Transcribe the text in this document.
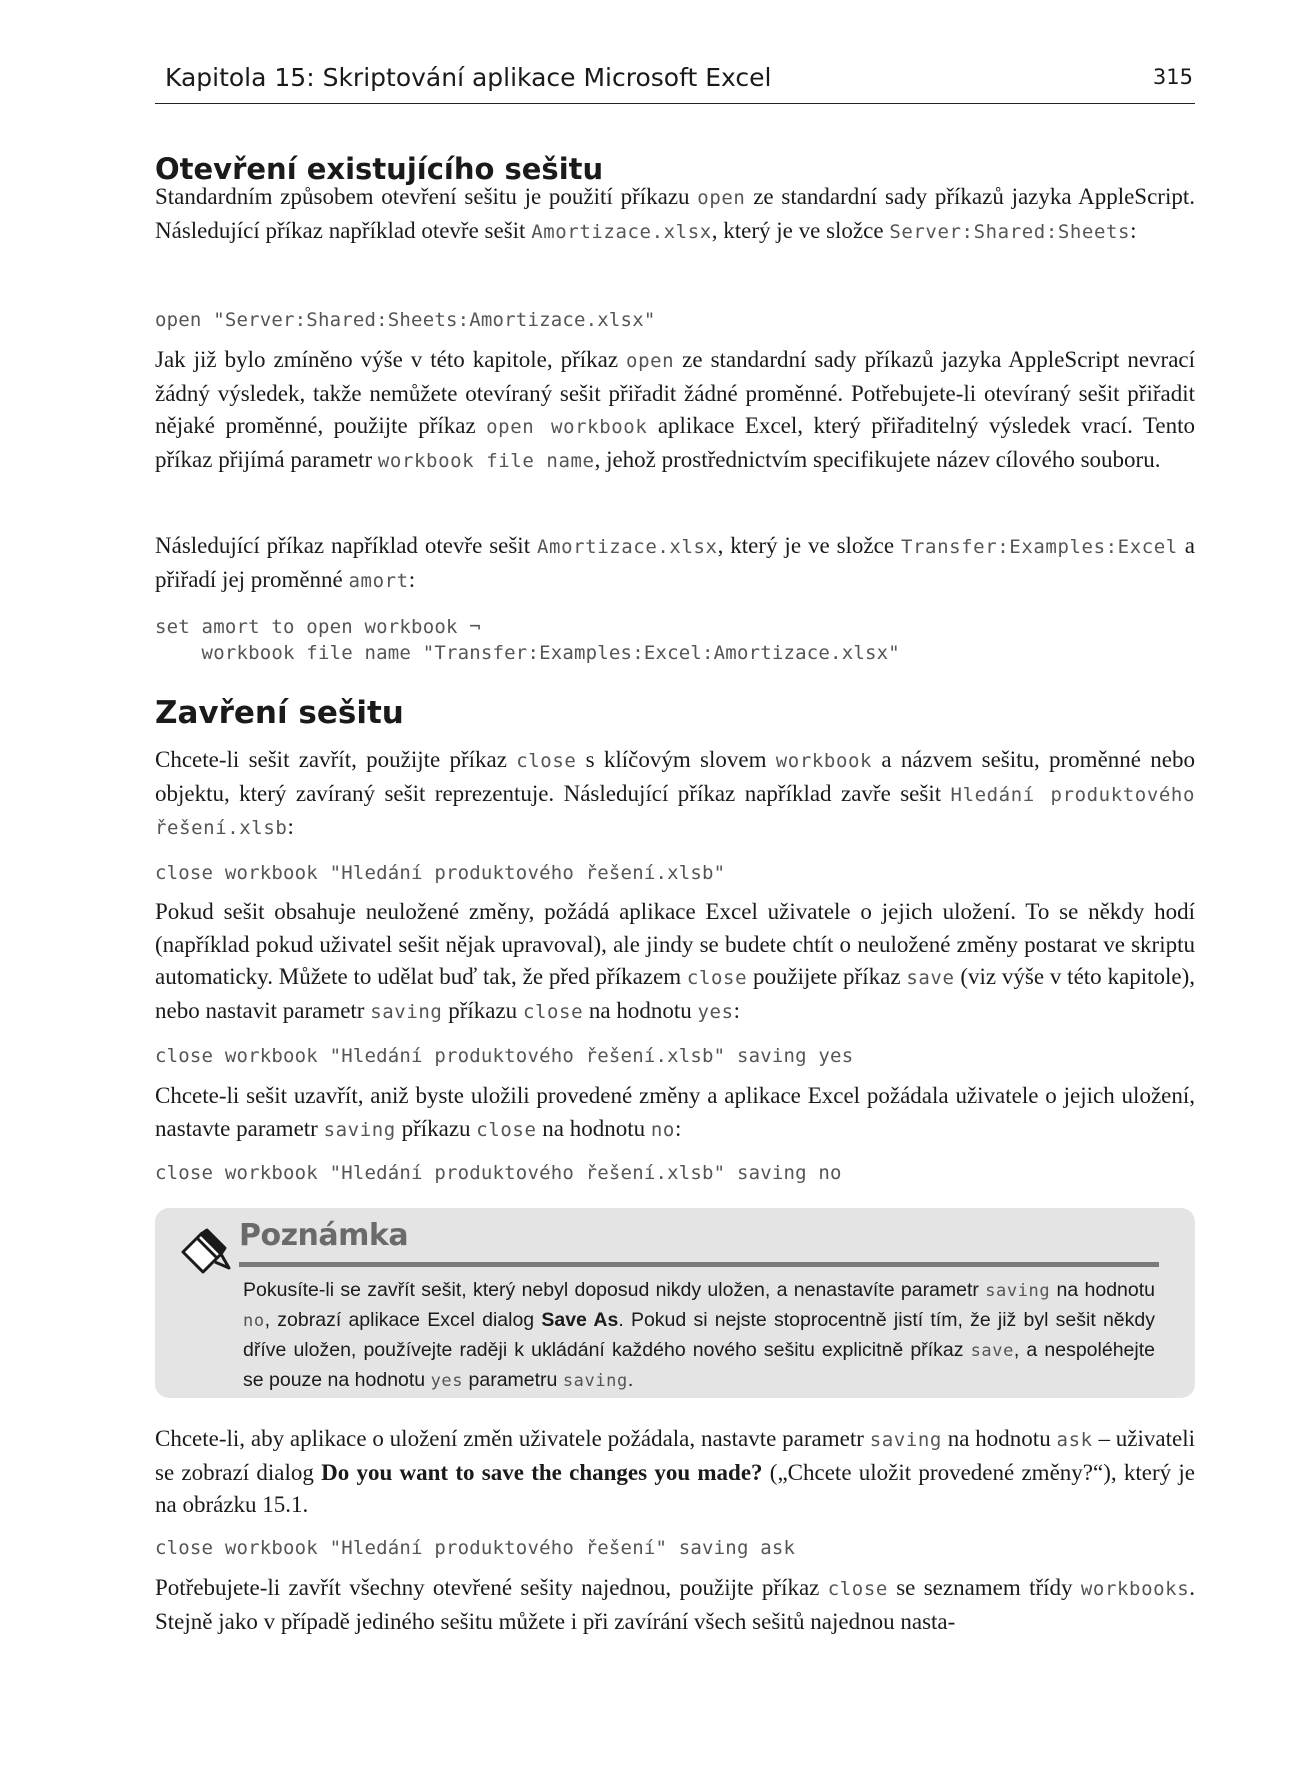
Kapitola 15: Skriptování aplikace Microsoft Excel	315
Otevření existujícího sešitu

Standardním způsobem otevření sešitu je použití příkazu open ze standardní sady příkazů jazyka AppleScript. Následující příkaz například otevře sešit Amortizace.xlsx, který je ve složce Server:Shared:Sheets:

open "Server:Shared:Sheets:Amortizace.xlsx"

Jak již bylo zmíněno výše v této kapitole, příkaz open ze standardní sady příkazů jazyka AppleScript nevrací žádný výsledek, takže nemůžete otevíraný sešit přiřadit žádné proměnné. Potřebujete-li otevíraný sešit přiřadit nějaké proměnné, použijte příkaz open workbook aplikace Excel, který přiřaditelný výsledek vrací. Tento příkaz přijímá parametr workbook file name, jehož prostřednictvím specifikujete název cílového souboru.

Následující příkaz například otevře sešit Amortizace.xlsx, který je ve složce Transfer:Examples:Excel a přiřadí jej proměnné amort:

set amort to open workbook ¬
workbook file name "Transfer:Examples:Excel:Amortizace.xlsx"
Zavření sešitu

Chcete-li sešit zavřít, použijte příkaz close s klíčovým slovem workbook a názvem sešitu, proměnné nebo objektu, který zavíraný sešit reprezentuje. Následující příkaz například zavře sešit Hledání produktového řešení.xlsb:

close workbook "Hledání produktového řešení.xlsb"

Pokud sešit obsahuje neuložené změny, požádá aplikace Excel uživatele o jejich uložení. To se někdy hodí (například pokud uživatel sešit nějak upravoval), ale jindy se budete chtít o neuložené změny postarat ve skriptu automaticky. Můžete to udělat buď tak, že před příkazem close použijete příkaz save (viz výše v této kapitole), nebo nastavit parametr saving příkazu close na hodnotu yes:

close workbook "Hledání produktového řešení.xlsb" saving yes

Chcete-li sešit uzavřít, aniž byste uložili provedené změny a aplikace Excel požádala uživatele o jejich uložení, nastavte parametr saving příkazu close na hodnotu no:

close workbook "Hledání produktového řešení.xlsb" saving no
Poznámka

Pokusíte-li se zavřít sešit, který nebyl doposud nikdy uložen, a nenastavíte parametr saving na hodnotu no, zobrazí aplikace Excel dialog Save As. Pokud si nejste stoprocentně jistí tím, že již byl sešit někdy dříve uložen, používejte raději k ukládání každého nového sešitu explicitně příkaz save, a nespoléhejte se pouze na hodnotu yes parametru saving.

Chcete-li, aby aplikace o uložení změn uživatele požádala, nastavte parametr saving na hodnotu ask – uživateli se zobrazí dialog Do you want to save the changes you made? („Chcete uložit provedené změny?“), který je na obrázku 15.1.

close workbook "Hledání produktového řešení" saving ask

Potřebujete-li zavřít všechny otevřené sešity najednou, použijte příkaz close se seznamem třídy workbooks. Stejně jako v případě jediného sešitu můžete i při zavírání všech sešitů najednou nasta-
